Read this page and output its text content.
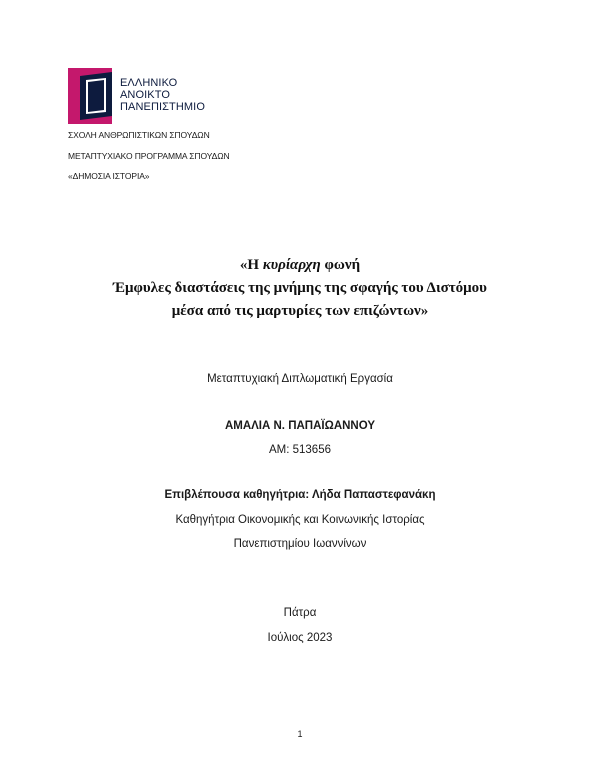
ΕΛΛΗΝΙΚΟ
ΑΝΟΙΚΤΟ
ΠΑΝΕΠΙΣΤΗΜΙΟ
ΣΧΟΛΗ ΑΝΘΡΩΠΙΣΤΙΚΩΝ ΣΠΟΥΔΩΝ
ΜΕΤΑΠΤΥΧΙΑΚΟ ΠΡΟΓΡΑΜΜΑ ΣΠΟΥΔΩΝ
«ΔΗΜΟΣΙΑ ΙΣΤΟΡΙΑ»
«Η κυρίαρχη φωνή
Έμφυλες διαστάσεις της μνήμης της σφαγής του Διστόμου
μέσα από τις μαρτυρίες των επιζώντων»
Μεταπτυχιακή Διπλωματική Εργασία
ΑΜΑΛΙΑ Ν. ΠΑΠΑΪΩΑΝΝΟΥ
ΑΜ: 513656
Επιβλέπουσα καθηγήτρια: Λήδα Παπαστεφανάκη
Καθηγήτρια Οικονομικής και Κοινωνικής Ιστορίας
Πανεπιστημίου Ιωαννίνων
Πάτρα
Ιούλιος 2023
1
